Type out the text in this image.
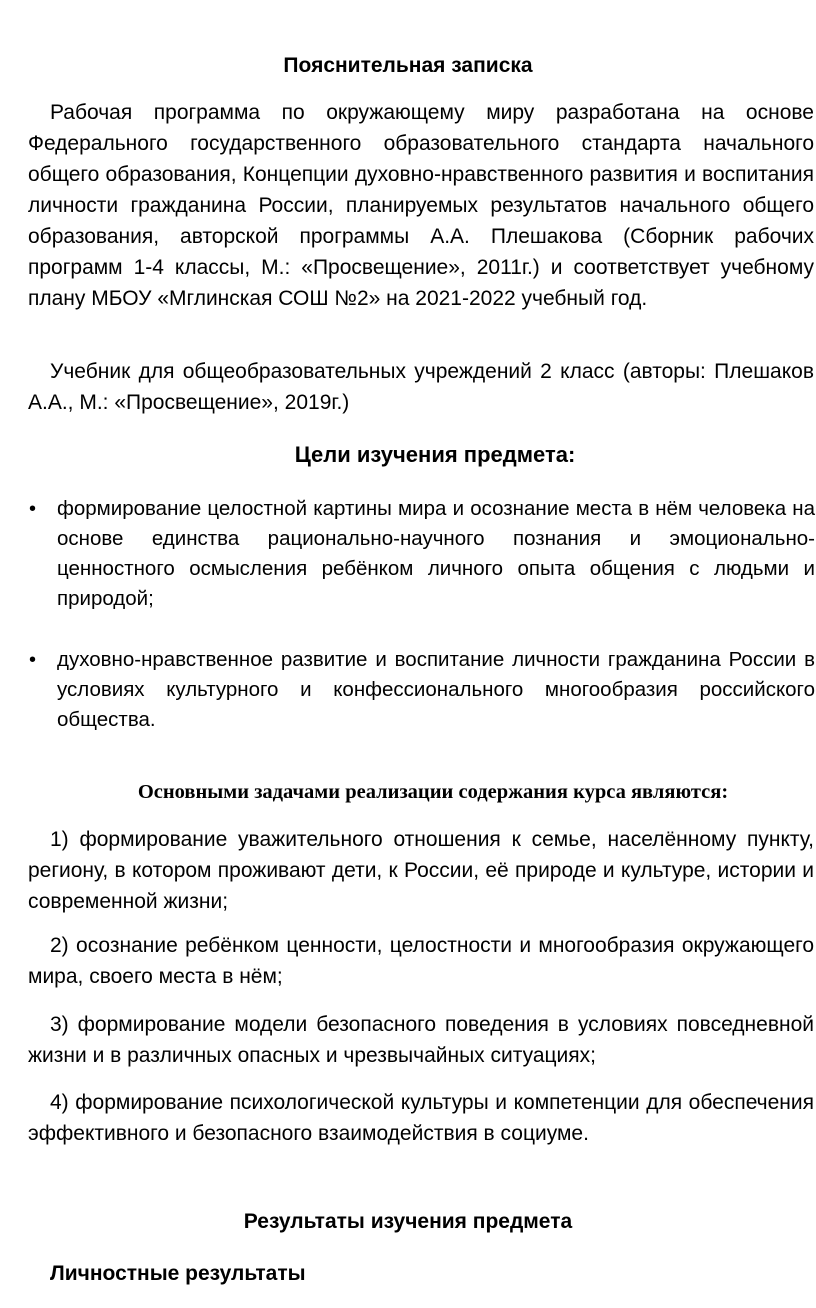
Пояснительная записка

Рабочая программа по окружающему миру разработана на основе Федерального государственного образовательного стандарта начального общего образования, Концепции духовно-нравственного развития и воспитания личности гражданина России, планируемых результатов начального общего образования, авторской программы А.А. Плешакова (Сборник рабочих программ 1-4 классы, М.: «Просвещение», 2011г.) и соответствует учебному плану МБОУ «Мглинская СОШ №2» на 2021-2022 учебный год.

Учебник для общеобразовательных учреждений 2 класс (авторы: Плешаков А.А., М.: «Просвещение», 2019г.)

Цели изучения предмета:
•	формирование целостной картины мира и осознание места в нём человека на основе единства рационально-научного познания и эмоционально-ценностного осмысления ребёнком личного опыта общения с людьми и природой;

•	духовно-нравственное развитие и воспитание личности гражданина России в условиях культурного и конфессионального многообразия российского общества.

Основными задачами реализации содержания курса являются:

1) формирование уважительного отношения к семье, населённому пункту, региону, в котором проживают дети, к России, её природе и культуре, истории и современной жизни;

2) осознание ребёнком ценности, целостности и многообразия окружающего мира, своего места в нём;

3) формирование модели безопасного поведения в условиях повседневной жизни и в различных опасных и чрезвычайных ситуациях;

4) формирование психологической культуры и компетенции для обеспечения эффективного и безопасного взаимодействия в социуме.

Результаты изучения предмета
Личностные результаты
